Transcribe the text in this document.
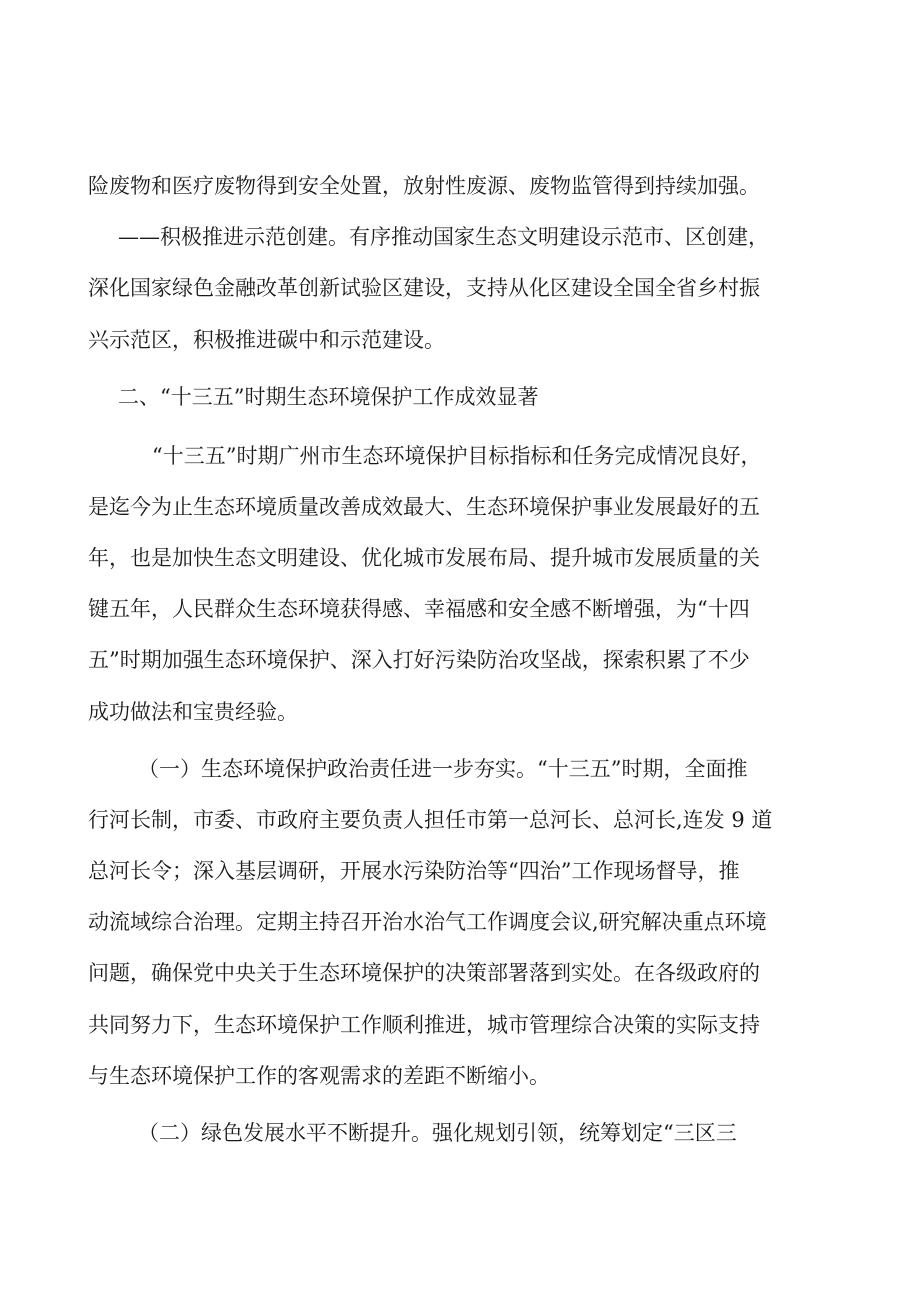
险废物和医疗废物得到安全处置，放射性废源、废物监管得到持续加强。
——积极推进示范创建。有序推动国家生态文明建设示范市、区创建，
深化国家绿色金融改革创新试验区建设，支持从化区建设全国全省乡村振
兴示范区，积极推进碳中和示范建设。
二、“十三五”时期生态环境保护工作成效显著
“十三五”时期广州市生态环境保护目标指标和任务完成情况良好，
是迄今为止生态环境质量改善成效最大、生态环境保护事业发展最好的五
年，也是加快生态文明建设、优化城市发展布局、提升城市发展质量的关
键五年，人民群众生态环境获得感、幸福感和安全感不断增强，为“十四
五”时期加强生态环境保护、深入打好污染防治攻坚战，探索积累了不少
成功做法和宝贵经验。
（一）生态环境保护政治责任进一步夯实。“十三五”时期，全面推
行河长制，市委、市政府主要负责人担任市第一总河长、总河长,连发 9 道
总河长令；深入基层调研，开展水污染防治等“四治”工作现场督导，推
动流域综合治理。定期主持召开治水治气工作调度会议,研究解决重点环境
问题，确保党中央关于生态环境保护的决策部署落到实处。在各级政府的
共同努力下，生态环境保护工作顺利推进，城市管理综合决策的实际支持
与生态环境保护工作的客观需求的差距不断缩小。
（二）绿色发展水平不断提升。强化规划引领，统筹划定“三区三
